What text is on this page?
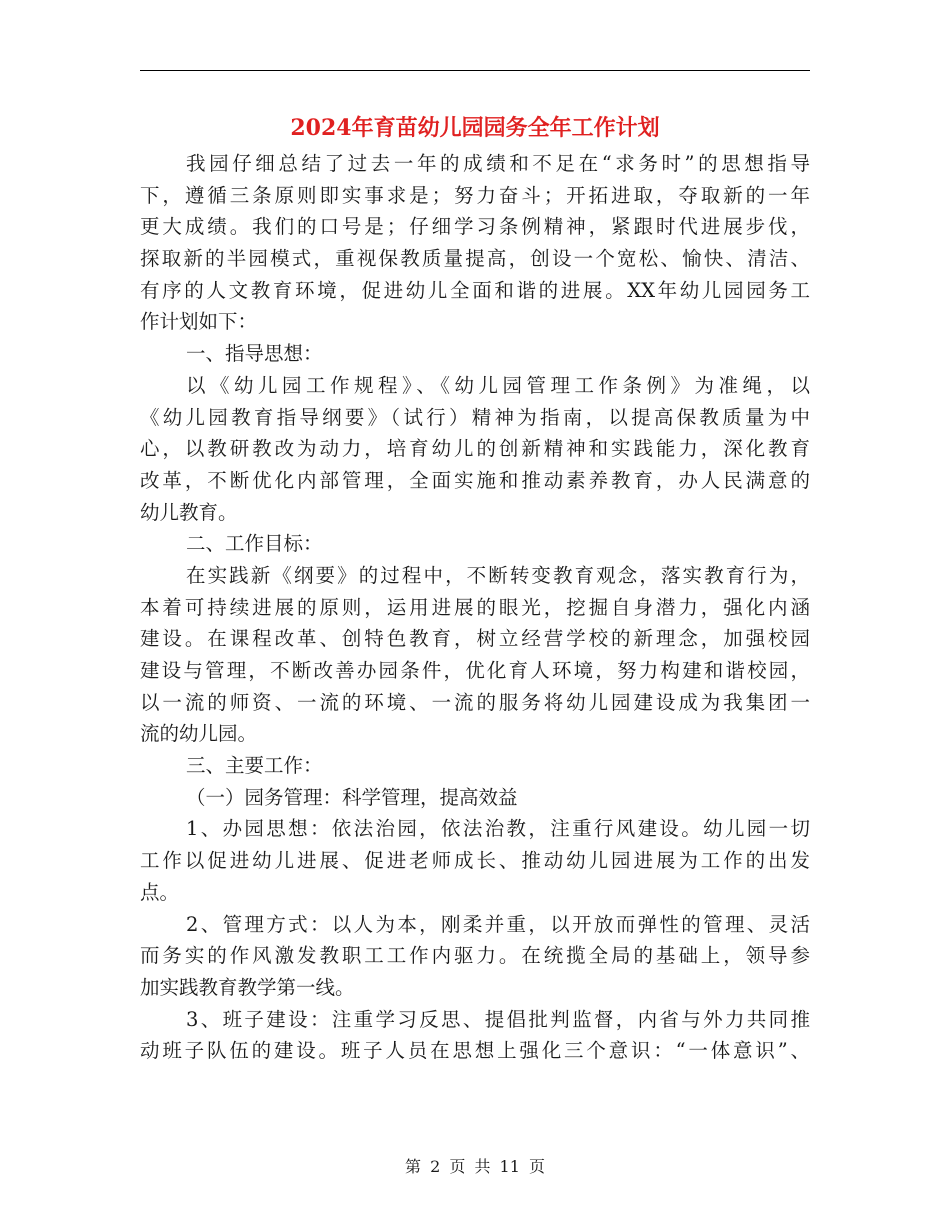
2024年育苗幼儿园园务全年工作计划
我园仔细总结了过去一年的成绩和不足在“求务时”的思想指导
下，遵循三条原则即实事求是；努力奋斗；开拓进取，夺取新的一年
更大成绩。我们的口号是；仔细学习条例精神，紧跟时代进展步伐，
探取新的半园模式，重视保教质量提高，创设一个宽松、愉快、清洁、
有序的人文教育环境，促进幼儿全面和谐的进展。XX年幼儿园园务工
作计划如下：
一、指导思想：
以《幼儿园工作规程》、《幼儿园管理工作条例》为准绳，以
《幼儿园教育指导纲要》（试行）精神为指南，以提高保教质量为中
心，以教研教改为动力，培育幼儿的创新精神和实践能力，深化教育
改革，不断优化内部管理，全面实施和推动素养教育，办人民满意的
幼儿教育。
二、工作目标：
在实践新《纲要》的过程中，不断转变教育观念，落实教育行为，
本着可持续进展的原则，运用进展的眼光，挖掘自身潜力，强化内涵
建设。在课程改革、创特色教育，树立经营学校的新理念，加强校园
建设与管理，不断改善办园条件，优化育人环境，努力构建和谐校园，
以一流的师资、一流的环境、一流的服务将幼儿园建设成为我集团一
流的幼儿园。
三、主要工作：
（一）园务管理：科学管理，提高效益
1、办园思想：依法治园，依法治教，注重行风建设。幼儿园一切
工作以促进幼儿进展、促进老师成长、推动幼儿园进展为工作的出发
点。
2、管理方式：以人为本，刚柔并重，以开放而弹性的管理、灵活
而务实的作风激发教职工工作内驱力。在统揽全局的基础上，领导参
加实践教育教学第一线。
3、班子建设：注重学习反思、提倡批判监督，内省与外力共同推
动班子队伍的建设。班子人员在思想上强化三个意识：“一体意识”、
第 2 页 共 11 页
